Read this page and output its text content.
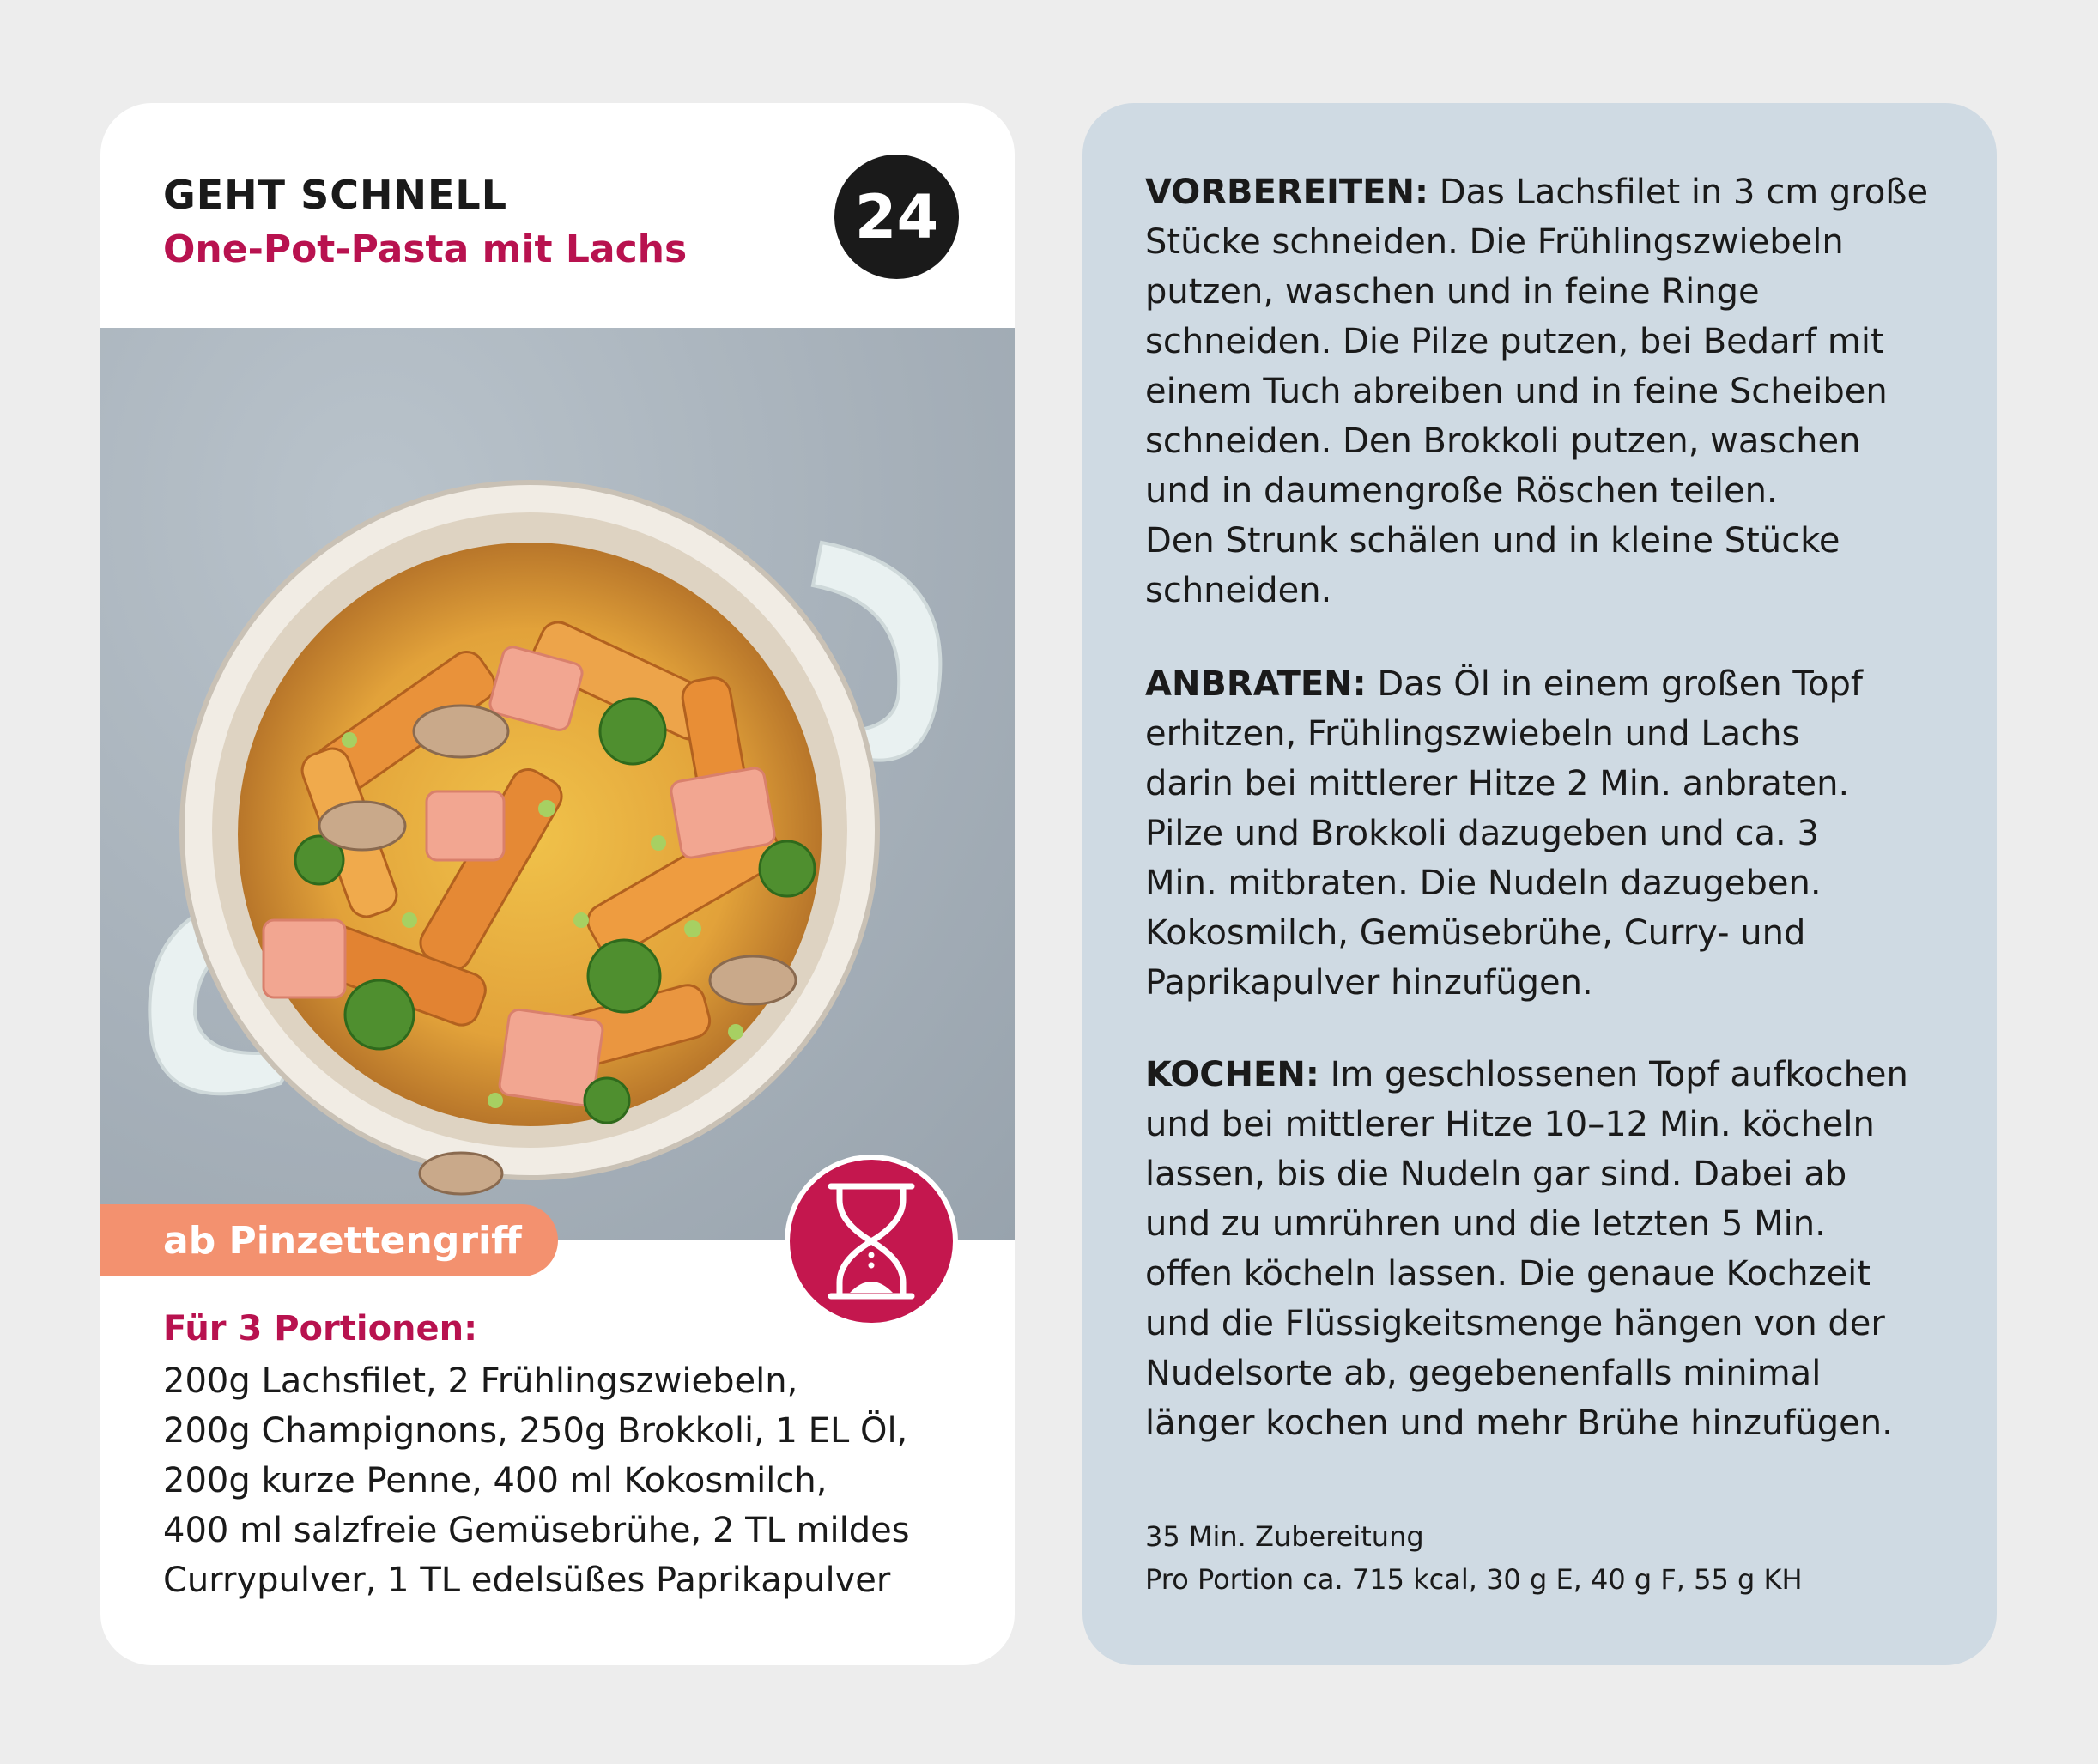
GEHT SCHNELL
One-Pot-Pasta mit Lachs	24
ab Pinzettengriff
Für 3 Portionen:
200g Lachsfilet, 2 Frühlingszwiebeln,
200g Champignons, 250g Brokkoli, 1 EL Öl,
200g kurze Penne, 400 ml Kokosmilch,
400 ml salzfreie Gemüsebrühe, 2 TL mildes
Currypulver, 1 TL edelsüßes Paprikapulver

VORBEREITEN: Das Lachsfilet in 3 cm große

Stücke schneiden. Die Frühlingszwiebeln

putzen, waschen und in feine Ringe

schneiden. Die Pilze putzen, bei Bedarf mit

einem Tuch abreiben und in feine Scheiben

schneiden. Den Brokkoli putzen, waschen

und in daumengroße Röschen teilen.

Den Strunk schälen und in kleine Stücke

schneiden.

ANBRATEN: Das Öl in einem großen Topf

erhitzen, Frühlingszwiebeln und Lachs

darin bei mittlerer Hitze 2 Min. anbraten.

Pilze und Brokkoli dazugeben und ca. 3

Min. mitbraten. Die Nudeln dazugeben.

Kokosmilch, Gemüsebrühe, Curry- und

Paprikapulver hinzufügen.

KOCHEN: Im geschlossenen Topf aufkochen

und bei mittlerer Hitze 10–12 Min. köcheln

lassen, bis die Nudeln gar sind. Dabei ab

und zu umrühren und die letzten 5 Min.

offen köcheln lassen. Die genaue Kochzeit

und die Flüssigkeitsmenge hängen von der

Nudelsorte ab, gegebenenfalls minimal

länger kochen und mehr Brühe hinzufügen.

35 Min. Zubereitung
Pro Portion ca. 715 kcal, 30 g E, 40 g F, 55 g KH
